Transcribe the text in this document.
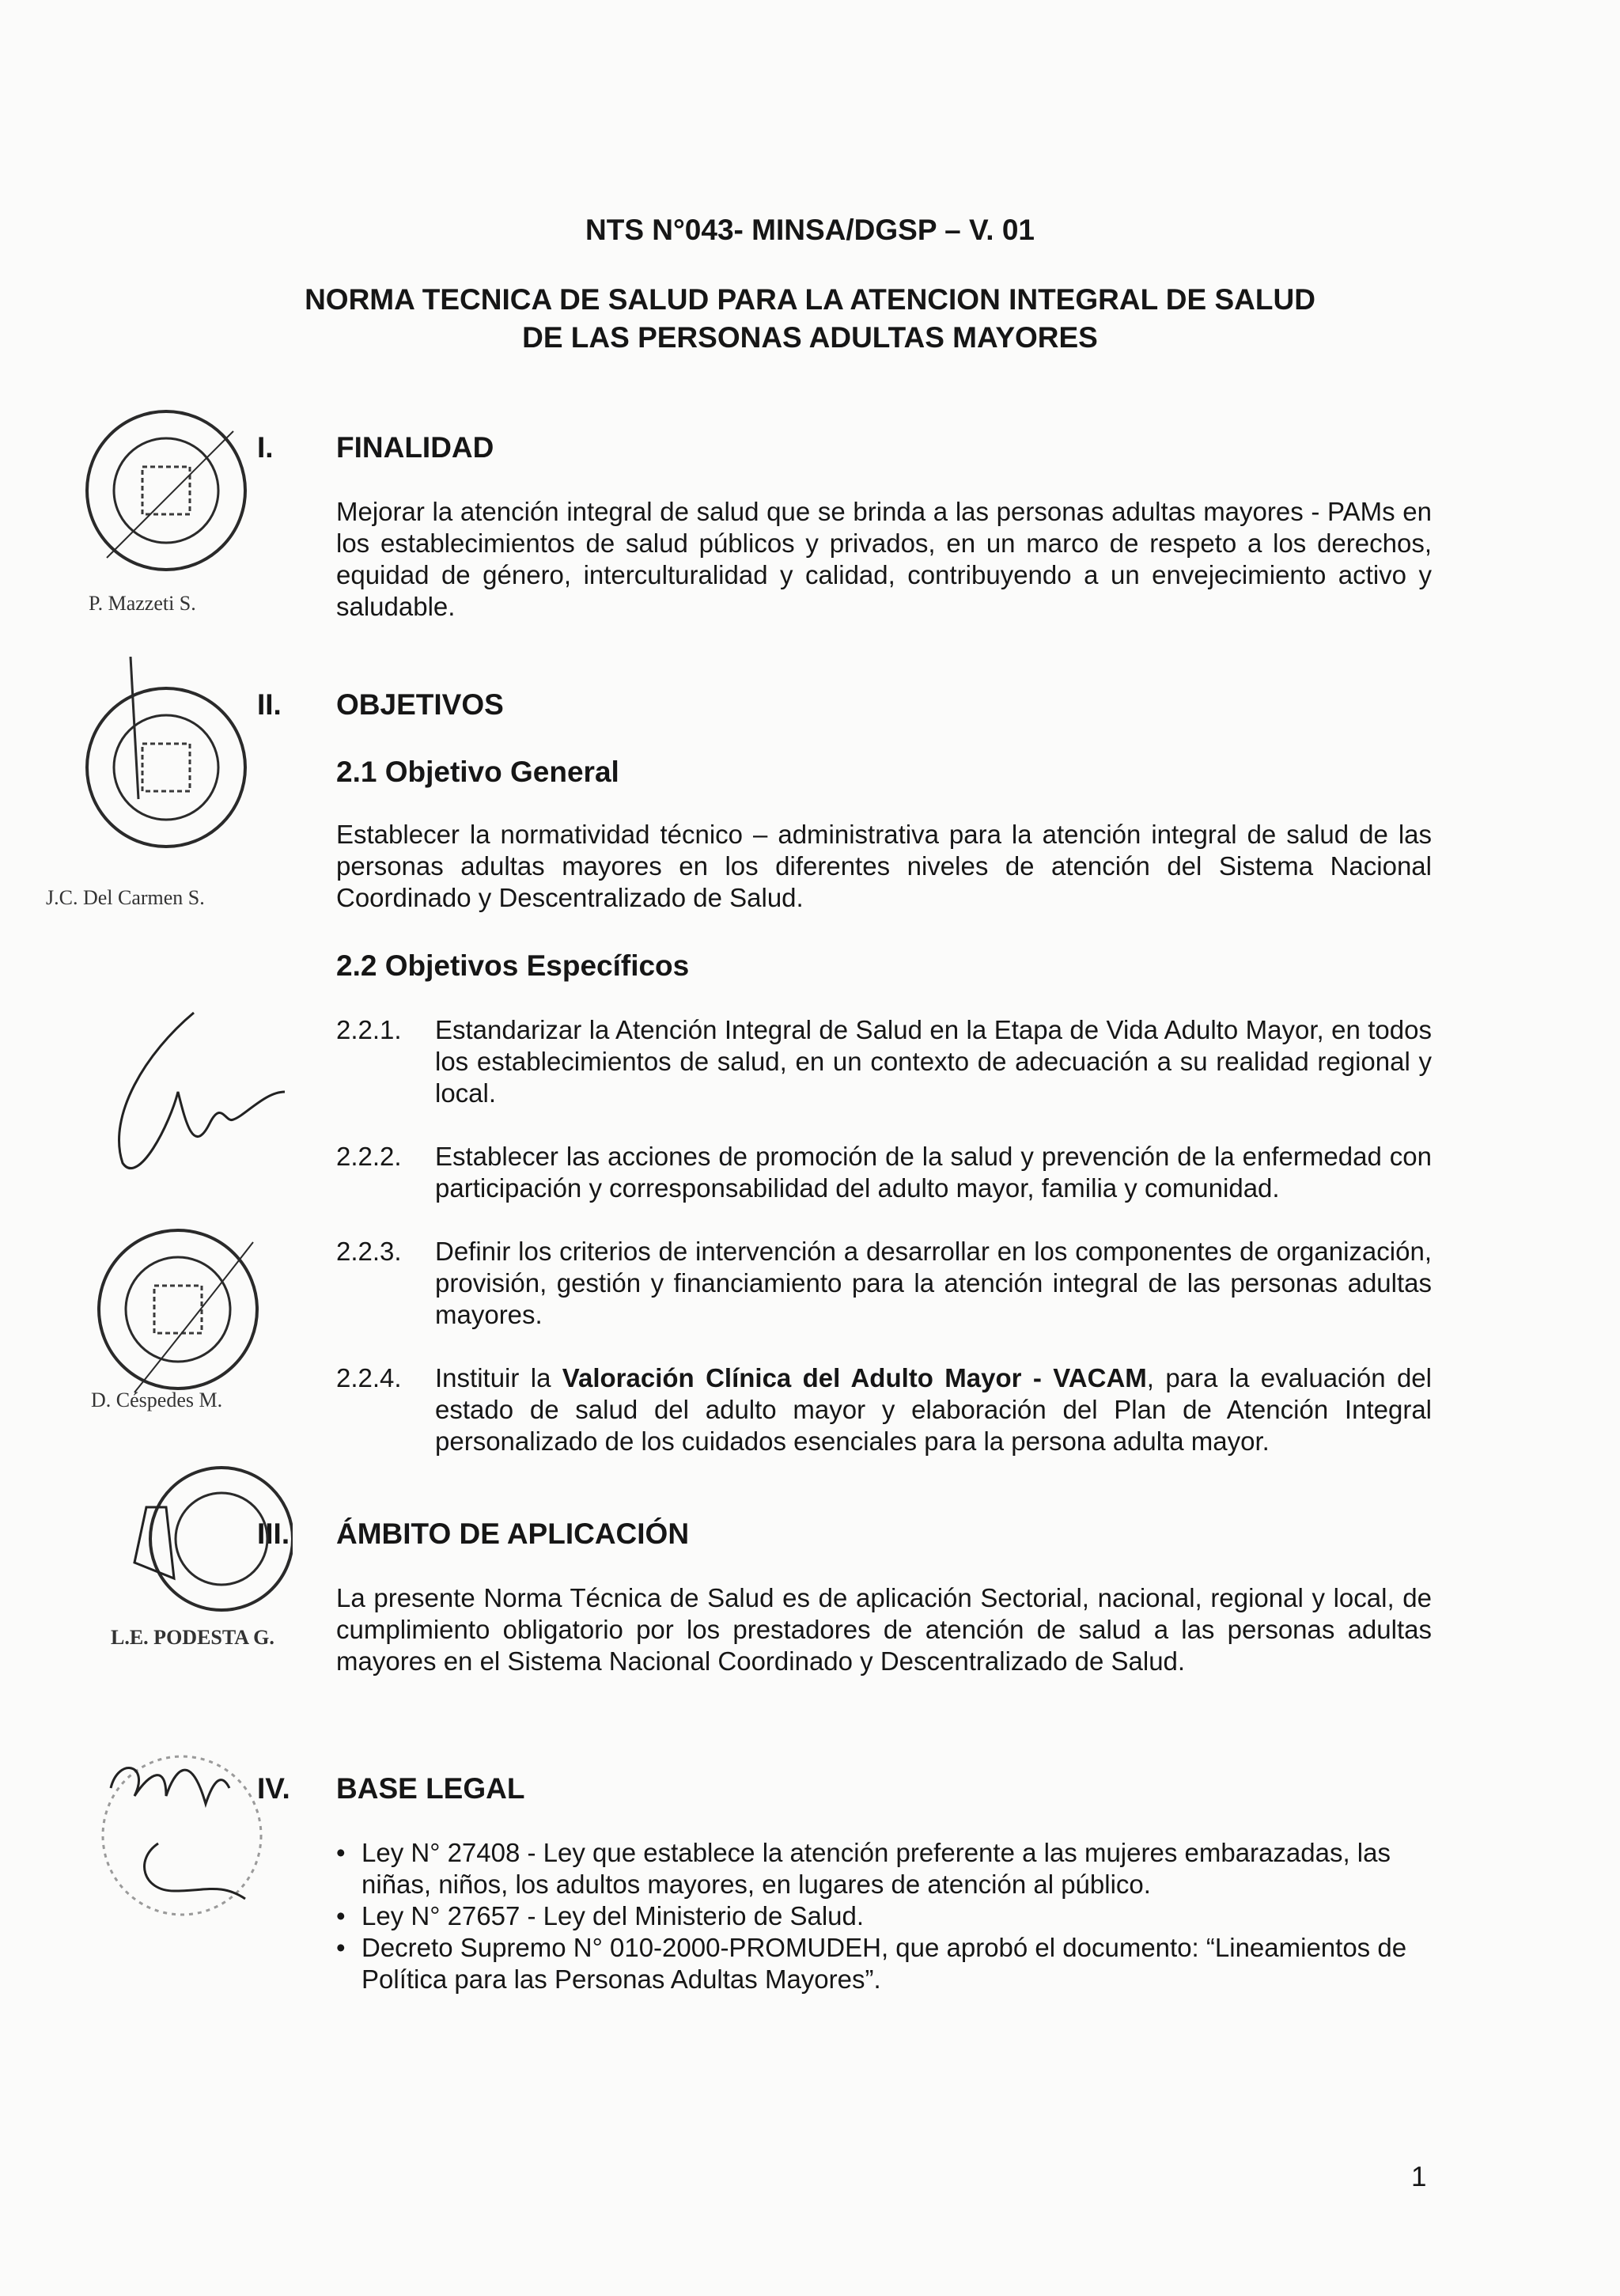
NTS N°043- MINSA/DGSP – V. 01
NORMA TECNICA DE SALUD PARA LA ATENCION INTEGRAL DE SALUD
DE LAS PERSONAS ADULTAS MAYORES
I. FINALIDAD
Mejorar la atención integral de salud que se brinda a las personas adultas mayores - PAMs en los establecimientos de salud públicos y privados, en un marco de respeto a los derechos, equidad de género, interculturalidad y calidad, contribuyendo a un envejecimiento activo y saludable.
II. OBJETIVOS
2.1 Objetivo General
Establecer la normatividad técnico – administrativa para la atención integral de salud de las personas adultas mayores en los diferentes niveles de atención del Sistema Nacional Coordinado y Descentralizado de Salud.
2.2 Objetivos Específicos
2.2.1. Estandarizar la Atención Integral de Salud en la Etapa de Vida Adulto Mayor, en todos los establecimientos de salud, en un contexto de adecuación a su realidad regional y local.
2.2.2. Establecer las acciones de promoción de la salud y prevención de la enfermedad con participación y corresponsabilidad del adulto mayor, familia y comunidad.
2.2.3. Definir los criterios de intervención a desarrollar en los componentes de organización, provisión, gestión y financiamiento para la atención integral de las personas adultas mayores.
2.2.4. Instituir la Valoración Clínica del Adulto Mayor - VACAM, para la evaluación del estado de salud del adulto mayor y elaboración del Plan de Atención Integral personalizado de los cuidados esenciales para la persona adulta mayor.
III. ÁMBITO DE APLICACIÓN
La presente Norma Técnica de Salud es de aplicación Sectorial, nacional, regional y local, de cumplimiento obligatorio por los prestadores de atención de salud a las personas adultas mayores en el Sistema Nacional Coordinado y Descentralizado de Salud.
IV. BASE LEGAL
• Ley N° 27408 - Ley que establece la atención preferente a las mujeres embarazadas, las niñas, niños, los adultos mayores, en lugares de atención al público.
• Ley N° 27657 - Ley del Ministerio de Salud.
• Decreto Supremo N° 010-2000-PROMUDEH, que aprobó el documento: “Lineamientos de Política para las Personas Adultas Mayores”.
1
P. Mazzeti S.
J.C. Del Carmen S.
D. Céspedes M.
L.E. PODESTA G.
